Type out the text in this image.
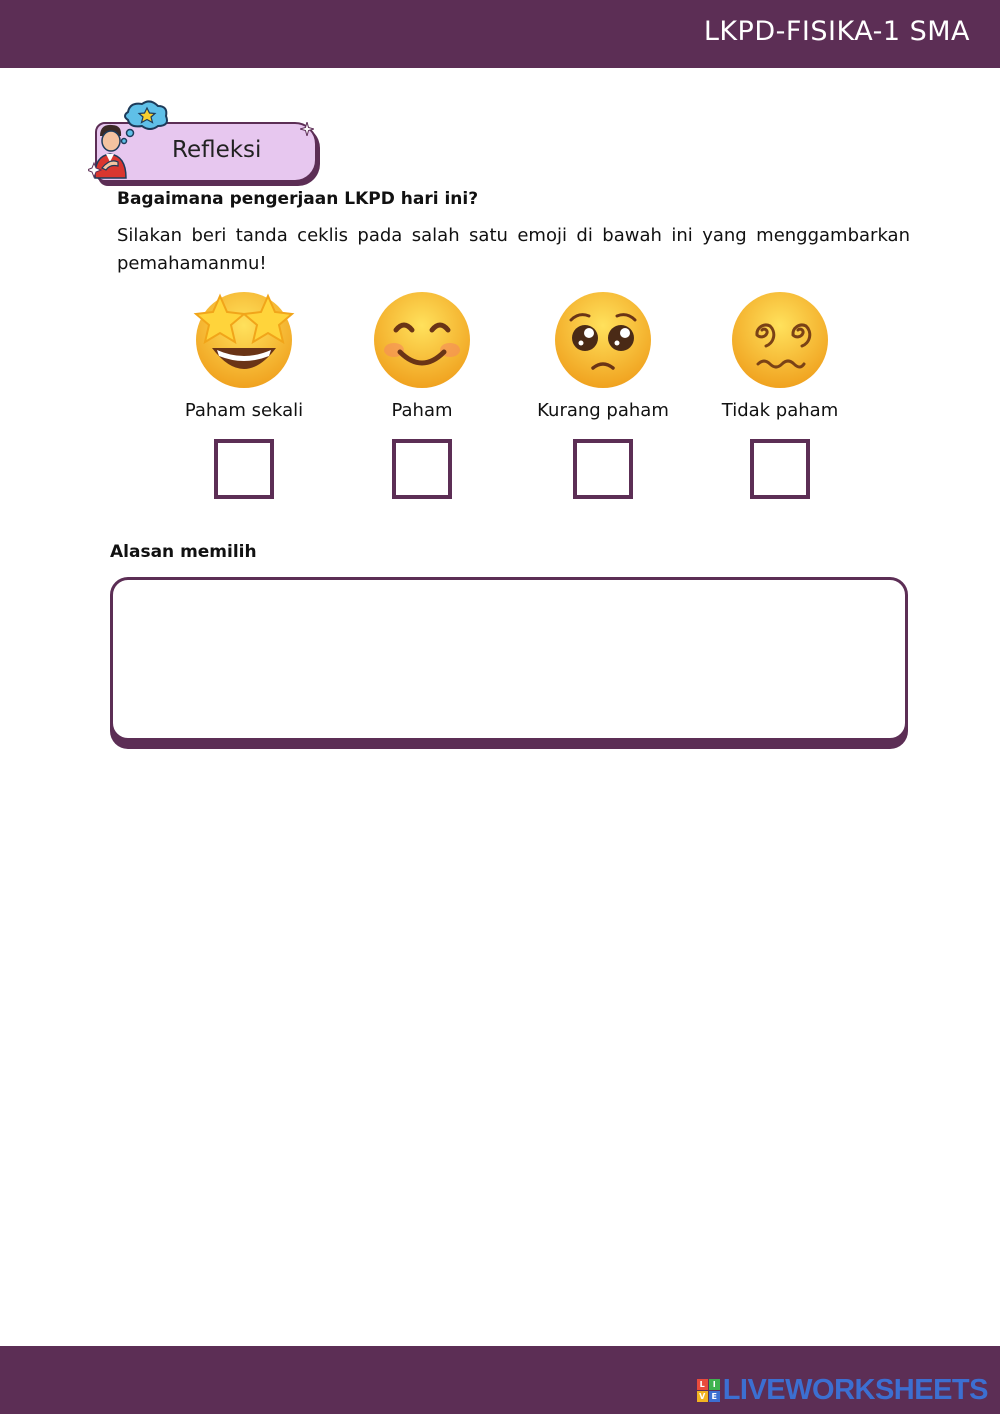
LKPD-FISIKA-1 SMA
Refleksi
Bagaimana pengerjaan LKPD hari ini?
Silakan beri tanda ceklis pada salah satu emoji di bawah ini yang menggambarkan pemahamanmu!
Paham sekali	Paham	Kurang paham	Tidak paham
Alasan memilih
L I
V E LIVEWORKSHEETS
